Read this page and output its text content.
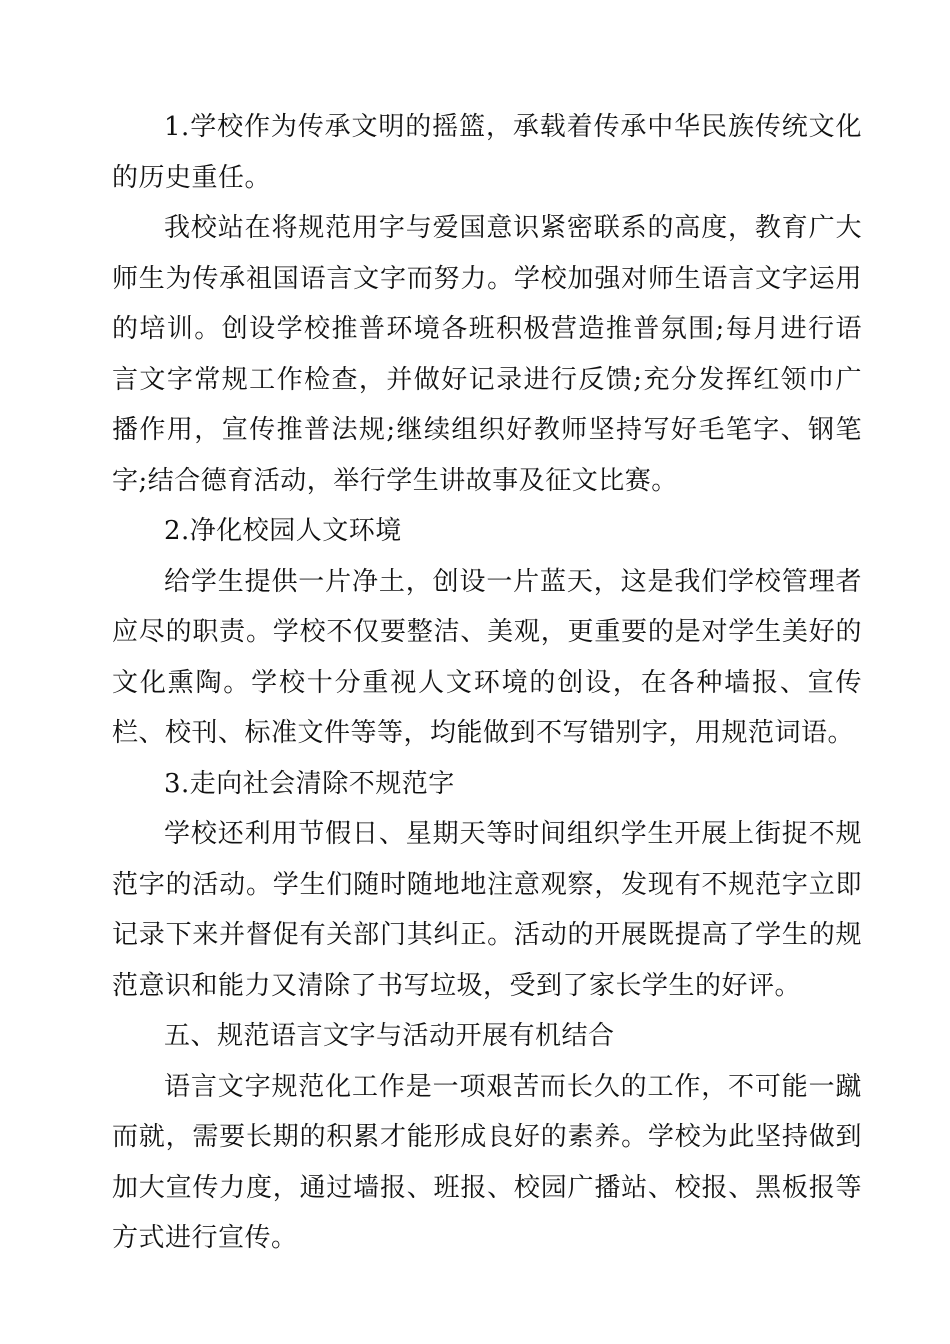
1.学校作为传承文明的摇篮，承载着传承中华民族传统文化的历史重任。

我校站在将规范用字与爱国意识紧密联系的高度，教育广大师生为传承祖国语言文字而努力。学校加强对师生语言文字运用的培训。创设学校推普环境各班积极营造推普氛围;每月进行语言文字常规工作检查，并做好记录进行反馈;充分发挥红领巾广播作用，宣传推普法规;继续组织好教师坚持写好毛笔字、钢笔字;结合德育活动，举行学生讲故事及征文比赛。

2.净化校园人文环境

给学生提供一片净土，创设一片蓝天，这是我们学校管理者应尽的职责。学校不仅要整洁、美观，更重要的是对学生美好的文化熏陶。学校十分重视人文环境的创设，在各种墙报、宣传栏、校刊、标准文件等等，均能做到不写错别字，用规范词语。

3.走向社会清除不规范字

学校还利用节假日、星期天等时间组织学生开展上街捉不规范字的活动。学生们随时随地地注意观察，发现有不规范字立即记录下来并督促有关部门其纠正。活动的开展既提高了学生的规范意识和能力又清除了书写垃圾，受到了家长学生的好评。

五、规范语言文字与活动开展有机结合

语言文字规范化工作是一项艰苦而长久的工作，不可能一蹴而就，需要长期的积累才能形成良好的素养。学校为此坚持做到加大宣传力度，通过墙报、班报、校园广播站、校报、黑板报等方式进行宣传。
